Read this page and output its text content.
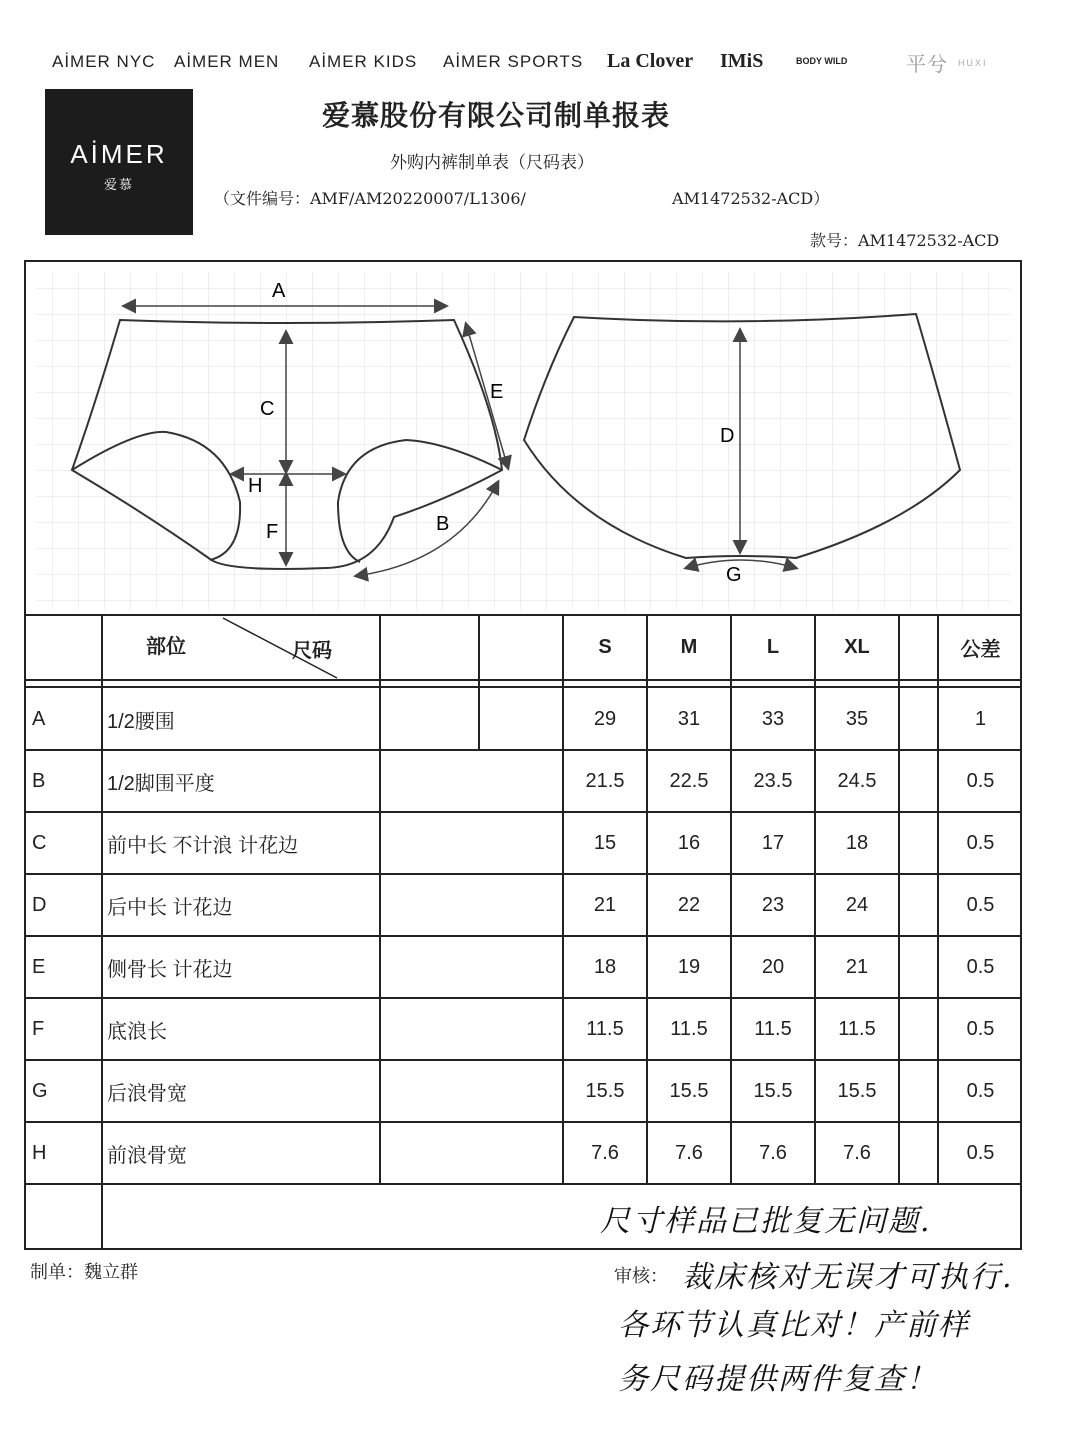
AİMER NYC AİMER MEN AİMER KIDS AİMER SPORTS La Clover IMiS	BODY WILD	平兮 HUXI
AİMER
爱慕
爱慕股份有限公司制单报表
外购内裤制单表（尺码表）
（文件编号：AMF/AM20220007/L1306/	AM1472532-ACD）
款号：AM1472532-ACD
A
C
H
F	B
E
D
G
部位	尺码	S	M	L	XL	公差
A	1/2腰围	29	31	33	35	1
B	1/2脚围平度	21.5	22.5	23.5	24.5	0.5
C	前中长 不计浪 计花边	15	16	17	18	0.5
D	后中长 计花边	21	22	23	24	0.5
E	侧骨长 计花边	18	19	20	21	0.5
F	底浪长	11.5	11.5	11.5	11.5	0.5
G	后浪骨宽	15.5	15.5	15.5	15.5	0.5
H	前浪骨宽	7.6	7.6	7.6	7.6	0.5
制单：魏立群	审核：
尺寸样品已批复无问题.
裁床核对无误才可执行.
各环节认真比对！产前样
务尺码提供两件复查！
